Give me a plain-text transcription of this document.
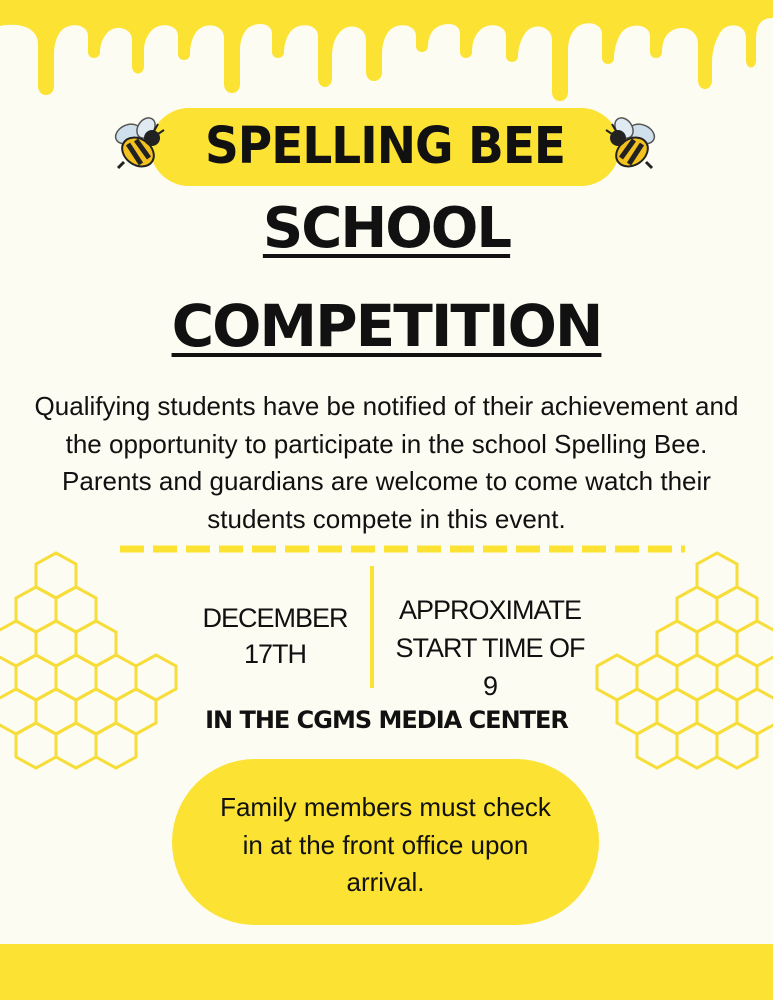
SPELLING BEE
SCHOOL
COMPETITION
Qualifying students have be notified of their achievement and the opportunity to participate in the school Spelling Bee. Parents and guardians are welcome to come watch their students compete in this event.
DECEMBER
17TH
APPROXIMATE
START TIME OF
9
IN THE CGMS MEDIA CENTER
Family members must check in at the front office upon arrival.
